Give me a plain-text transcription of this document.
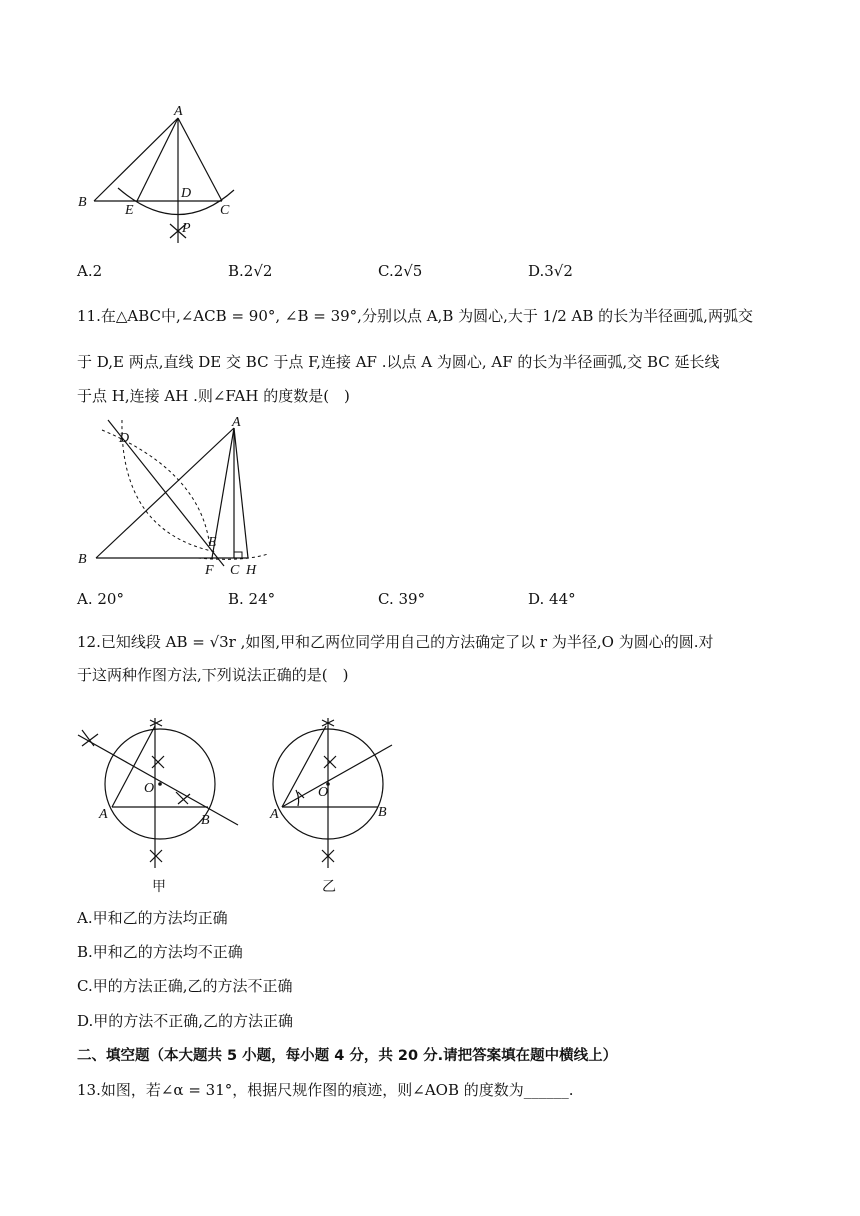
A
B
D
E	C
P
A.2	B.2√2	C.2√5	D.3√2
11.在△ABC中,∠ACB = 90°, ∠B = 39°,分别以点 A,B 为圆心,大于 1/2 AB 的长为半径画弧,两弧交
于 D,E 两点,直线 DE 交 BC 于点 F,连接 AF .以点 A 为圆心, AF 的长为半径画弧,交 BC 延长线
于点 H,连接 AH .则∠FAH 的度数是(　)
A
B
D
E
F C H
A. 20°	B. 24°	C. 39°	D. 44°
12.已知线段 AB = √3r ,如图,甲和乙两位同学用自己的方法确定了以 r 为半径,O 为圆心的圆.对
于这两种作图方法,下列说法正确的是(　)
O
A	B
O
A	B
甲	乙
A.甲和乙的方法均正确
B.甲和乙的方法均不正确
C.甲的方法正确,乙的方法不正确
D.甲的方法不正确,乙的方法正确
二、填空题（本大题共 5 小题，每小题 4 分，共 20 分.请把答案填在题中横线上）
13.如图，若∠α = 31°，根据尺规作图的痕迹，则∠AOB 的度数为______.
